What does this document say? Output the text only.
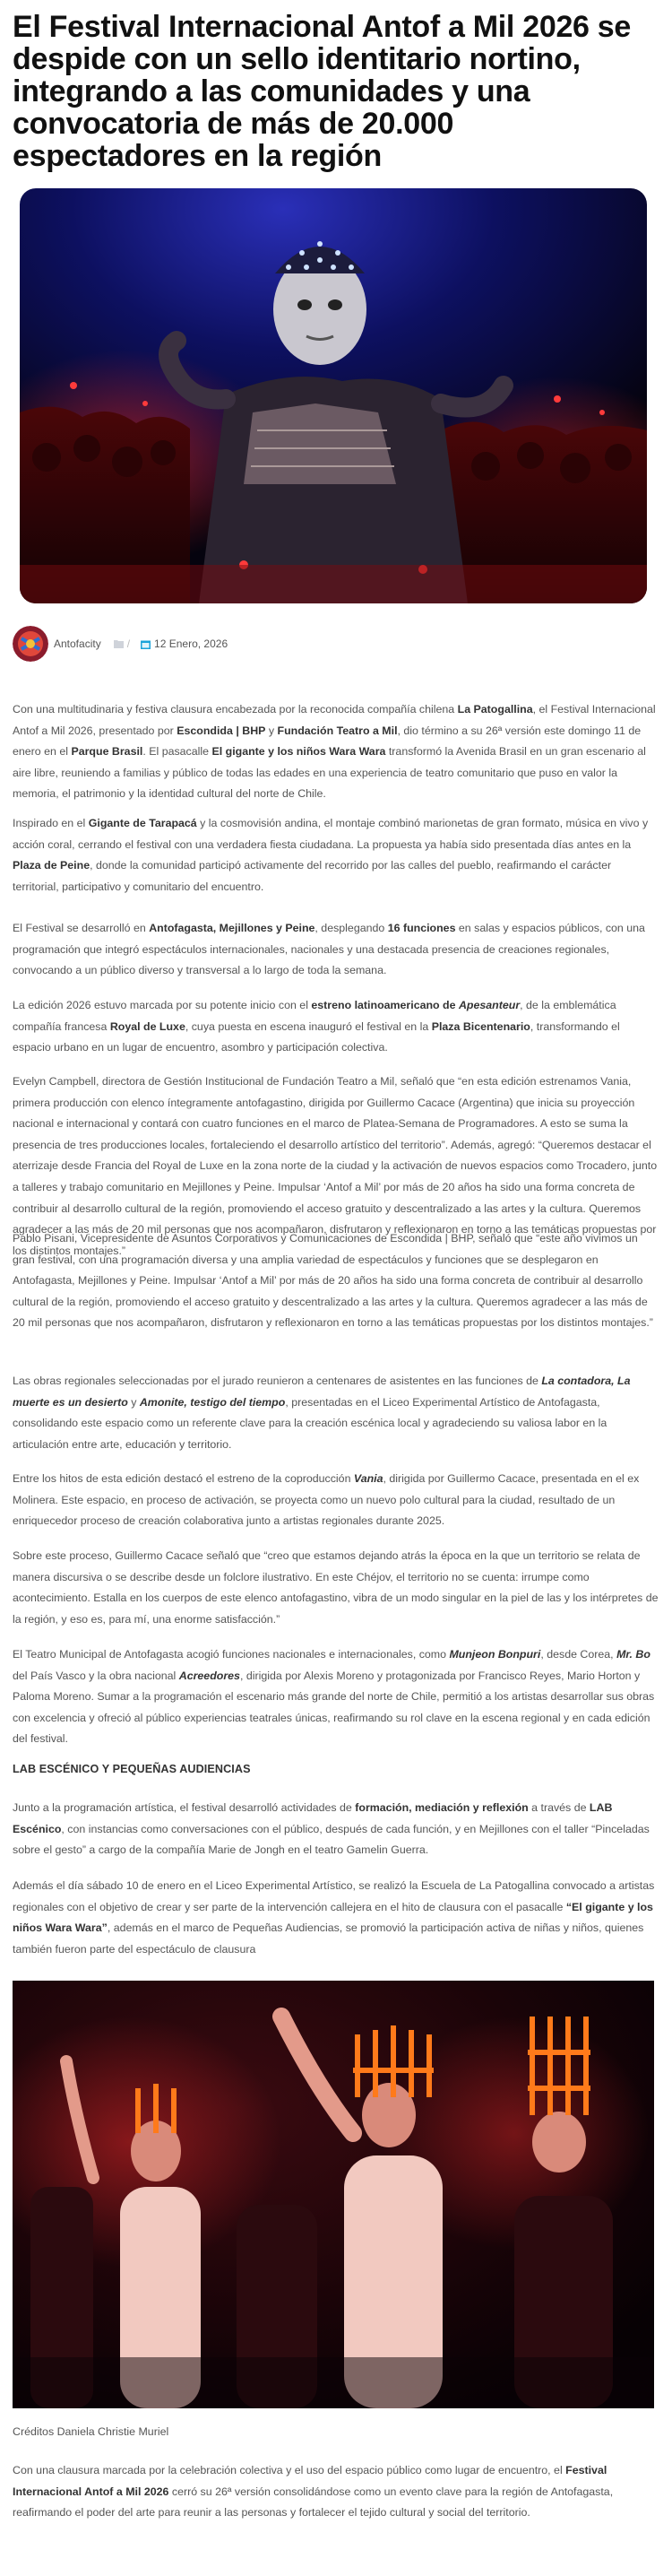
El Festival Internacional Antof a Mil 2026 se despide con un sello identitario nortino, integrando a las comunidades y una convocatoria de más de 20.000 espectadores en la región
Antofacity / 12 Enero, 2026

Con una multitudinaria y festiva clausura encabezada por la reconocida compañía chilena La Patogallina, el Festival Internacional Antof a Mil 2026, presentado por Escondida | BHP y Fundación Teatro a Mil, dio término a su 26ª versión este domingo 11 de enero en el Parque Brasil. El pasacalle El gigante y los niños Wara Wara transformó la Avenida Brasil en un gran escenario al aire libre, reuniendo a familias y público de todas las edades en una experiencia de teatro comunitario que puso en valor la memoria, el patrimonio y la identidad cultural del norte de Chile.

Inspirado en el Gigante de Tarapacá y la cosmovisión andina, el montaje combinó marionetas de gran formato, música en vivo y acción coral, cerrando el festival con una verdadera fiesta ciudadana. La propuesta ya había sido presentada días antes en la Plaza de Peine, donde la comunidad participó activamente del recorrido por las calles del pueblo, reafirmando el carácter territorial, participativo y comunitario del encuentro.

El Festival se desarrolló en Antofagasta, Mejillones y Peine, desplegando 16 funciones en salas y espacios públicos, con una programación que integró espectáculos internacionales, nacionales y una destacada presencia de creaciones regionales, convocando a un público diverso y transversal a lo largo de toda la semana.

La edición 2026 estuvo marcada por su potente inicio con el estreno latinoamericano de Apesanteur, de la emblemática compañía francesa Royal de Luxe, cuya puesta en escena inauguró el festival en la Plaza Bicentenario, transformando el espacio urbano en un lugar de encuentro, asombro y participación colectiva.

Evelyn Campbell, directora de Gestión Institucional de Fundación Teatro a Mil, señaló que “en esta edición estrenamos Vania, primera producción con elenco íntegramente antofagastino, dirigida por Guillermo Cacace (Argentina) que inicia su proyección nacional e internacional y contará con cuatro funciones en el marco de Platea-Semana de Programadores. A esto se suma la presencia de tres producciones locales, fortaleciendo el desarrollo artístico del territorio”. Además, agregó: “Queremos destacar el aterrizaje desde Francia del Royal de Luxe en la zona norte de la ciudad y la activación de nuevos espacios como Trocadero, junto a talleres y trabajo comunitario en Mejillones y Peine. Impulsar ‘Antof a Mil’ por más de 20 años ha sido una forma concreta de contribuir al desarrollo cultural de la región, promoviendo el acceso gratuito y descentralizado a las artes y la cultura. Queremos agradecer a las más de 20 mil personas que nos acompañaron, disfrutaron y reflexionaron en torno a las temáticas propuestas por los distintos montajes.”

Pablo Pisani, Vicepresidente de Asuntos Corporativos y Comunicaciones de Escondida | BHP, señaló que “este año vivimos un gran festival, con una programación diversa y una amplia variedad de espectáculos y funciones que se desplegaron en Antofagasta, Mejillones y Peine. Impulsar ‘Antof a Mil’ por más de 20 años ha sido una forma concreta de contribuir al desarrollo cultural de la región, promoviendo el acceso gratuito y descentralizado a las artes y la cultura. Queremos agradecer a las más de 20 mil personas que nos acompañaron, disfrutaron y reflexionaron en torno a las temáticas propuestas por los distintos montajes.”

Las obras regionales seleccionadas por el jurado reunieron a centenares de asistentes en las funciones de La contadora, La muerte es un desierto y Amonite, testigo del tiempo, presentadas en el Liceo Experimental Artístico de Antofagasta, consolidando este espacio como un referente clave para la creación escénica local y agradeciendo su valiosa labor en la articulación entre arte, educación y territorio.

Entre los hitos de esta edición destacó el estreno de la coproducción Vania, dirigida por Guillermo Cacace, presentada en el ex Molinera. Este espacio, en proceso de activación, se proyecta como un nuevo polo cultural para la ciudad, resultado de un enriquecedor proceso de creación colaborativa junto a artistas regionales durante 2025.

Sobre este proceso, Guillermo Cacace señaló que “creo que estamos dejando atrás la época en la que un territorio se relata de manera discursiva o se describe desde un folclore ilustrativo. En este Chéjov, el territorio no se cuenta: irrumpe como acontecimiento. Estalla en los cuerpos de este elenco antofagastino, vibra de un modo singular en la piel de las y los intérpretes de la región, y eso es, para mí, una enorme satisfacción.”

El Teatro Municipal de Antofagasta acogió funciones nacionales e internacionales, como Munjeon Bonpuri, desde Corea, Mr. Bo del País Vasco y la obra nacional Acreedores, dirigida por Alexis Moreno y protagonizada por Francisco Reyes, Mario Horton y Paloma Moreno. Sumar a la programación el escenario más grande del norte de Chile, permitió a los artistas desarrollar sus obras con excelencia y ofreció al público experiencias teatrales únicas, reafirmando su rol clave en la escena regional y en cada edición del festival.

LAB ESCÉNICO Y PEQUEÑAS AUDIENCIAS

Junto a la programación artística, el festival desarrolló actividades de formación, mediación y reflexión a través de LAB Escénico, con instancias como conversaciones con el público, después de cada función, y en Mejillones con el taller “Pinceladas sobre el gesto” a cargo de la compañía Marie de Jongh en el teatro Gamelin Guerra.

Además el día sábado 10 de enero en el Liceo Experimental Artístico, se realizó la Escuela de La Patogallina convocado a artistas regionales con el objetivo de crear y ser parte de la intervención callejera en el hito de clausura con el pasacalle “El gigante y los niños Wara Wara”, además en el marco de Pequeñas Audiencias, se promovió la participación activa de niñas y niños, quienes también fueron parte del espectáculo de clausura

Créditos Daniela Christie Muriel

Con una clausura marcada por la celebración colectiva y el uso del espacio público como lugar de encuentro, el Festival Internacional Antof a Mil 2026 cerró su 26ª versión consolidándose como un evento clave para la región de Antofagasta, reafirmando el poder del arte para reunir a las personas y fortalecer el tejido cultural y social del territorio.
